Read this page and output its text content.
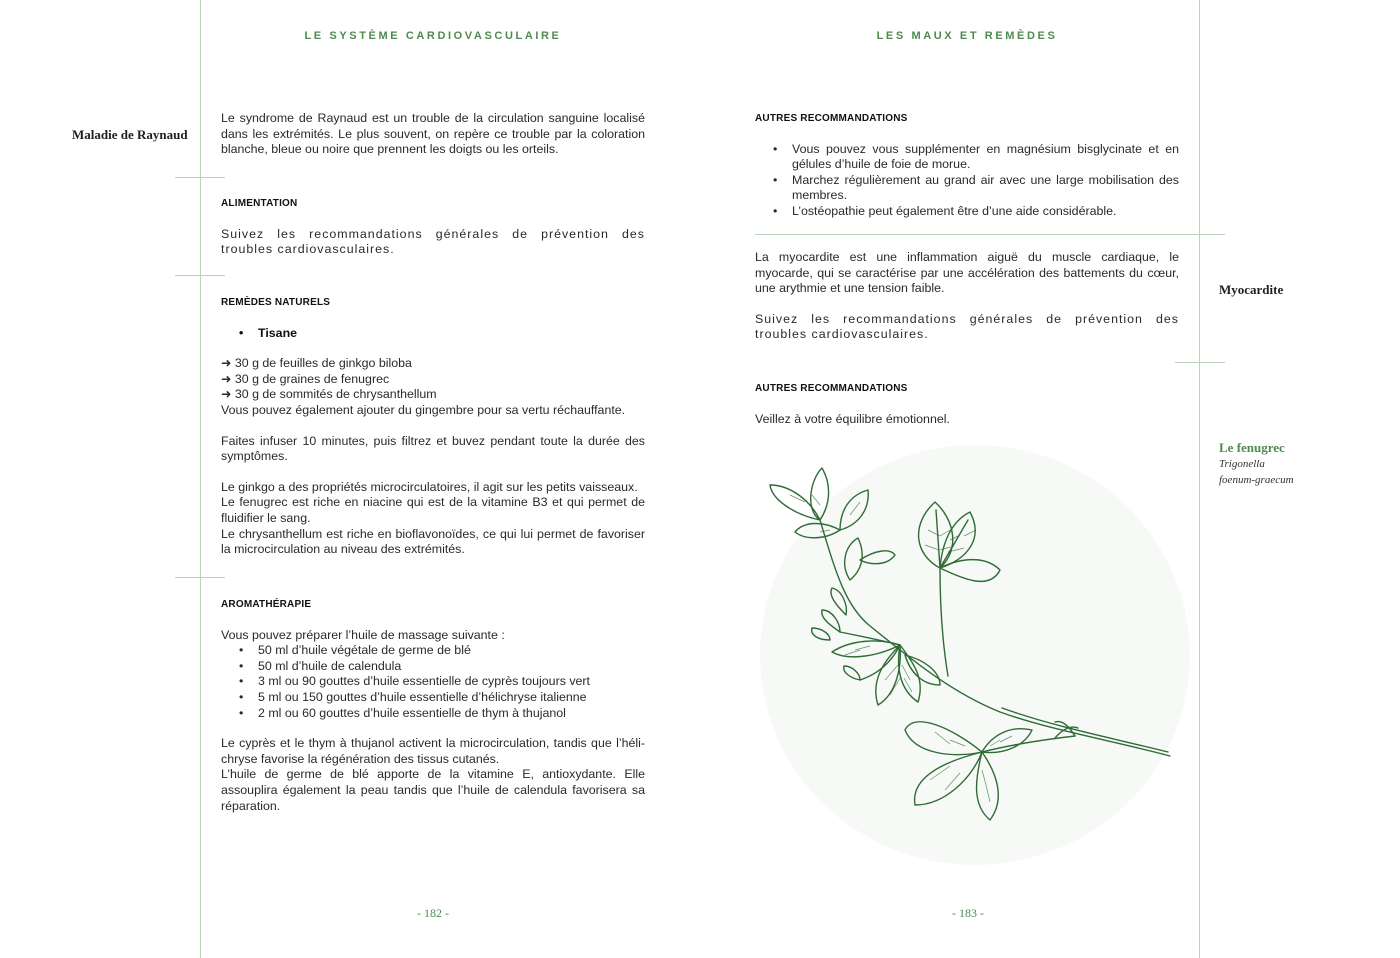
LE SYSTÈME CARDIOVASCULAIRE	LES MAUX ET REMÈDES
Maladie de Raynaud
Myocardite

Le syndrome de Raynaud est un trouble de la circulation sanguine localisé dans les extrémités. Le plus souvent, on repère ce trouble par la coloration blanche, bleue ou noire que prennent les doigts ou les orteils.

ALIMENTATION

Suivez les recommandations générales de prévention des troubles cardiovasculaires.

REMÈDES NATURELS

• Tisane

➜ 30 g de feuilles de ginkgo biloba

➜ 30 g de graines de fenugrec

➜ 30 g de sommités de chrysanthellum

Vous pouvez également ajouter du gingembre pour sa vertu réchauffante.

Faites infuser 10 minutes, puis filtrez et buvez pendant toute la durée des symptômes.

Le ginkgo a des propriétés microcirculatoires, il agit sur les petits vaisseaux.

Le fenugrec est riche en niacine qui est de la vitamine B3 et qui permet de fluidifier le sang.

Le chrysanthellum est riche en bioflavonoïdes, ce qui lui permet de favoriser la microcirculation au niveau des extrémités.

AROMATHÉRAPIE

Vous pouvez préparer l’huile de massage suivante :

• 50 ml d’huile végétale de germe de blé
• 50 ml d’huile de calendula
• 3 ml ou 90 gouttes d’huile essentielle de cyprès toujours vert
• 5 ml ou 150 gouttes d’huile essentielle d’hélichryse italienne
• 2 ml ou 60 gouttes d’huile essentielle de thym à thujanol

Le cyprès et le thym à thujanol activent la microcirculation, tandis que l’héli-chryse favorise la régénération des tissus cutanés.

L’huile de germe de blé apporte de la vitamine E, antioxydante. Elle assouplira également la peau tandis que l’huile de calendula favorisera sa réparation.

AUTRES RECOMMANDATIONS

• Vous pouvez vous supplémenter en magnésium bisglycinate et en gélules d’huile de foie de morue.
• Marchez régulièrement au grand air avec une large mobilisation des membres.
• L’ostéopathie peut également être d’une aide considérable.

La myocardite est une inflammation aiguë du muscle cardiaque, le myocarde, qui se caractérise par une accélération des battements du cœur, une arythmie et une tension faible.

Suivez les recommandations générales de prévention des troubles cardiovasculaires.

AUTRES RECOMMANDATIONS

Veillez à votre équilibre émotionnel.

Le fenugrec
Trigonella
foenum-graecum
- 182 -	- 183 -
